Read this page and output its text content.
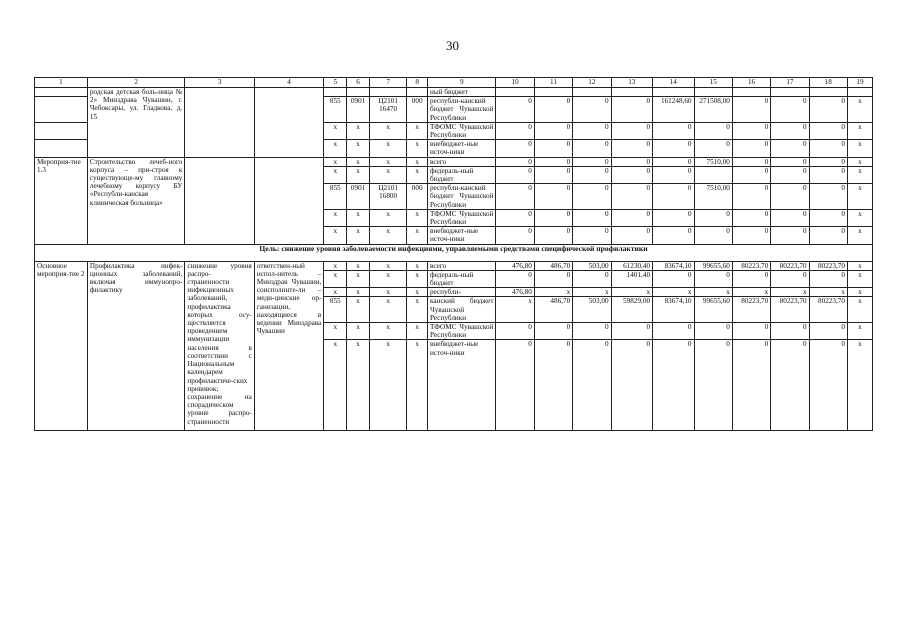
30
1	2	3	4	5	6	7	8	9	10	11	12	13	14	15	16	17	18	19
	родская детская боль-ница № 2» Минздрава Чувашии, г. Чебоксары, ул. Гладкова, д. 15							ный бюджет										
				855	0901	Ц2101 16470	000	республи-канский бюджет Чувашской Республики	0	0	0	0	161248,60	271508,00	0	0	0	x
				x	x	x	x	ТФОМС Чувашской Республики	0	0	0	0	0	0	0	0	0	x
				x	x	x	x	внебюджет-ные источ-ники	0	0	0	0	0	0	0	0	0	x
Мероприя-тие 1.3	Строительство лечеб-ного корпуса – при-строя к существующе-му главному лечебному корпусу БУ «Республи-канская клиническая больница»			x	x	x	x	всего	0	0	0	0	0	7510,00	0	0	0	x
				x	x	x	x	федераль-ный бюджет	0	0	0	0	0		0	0	0	x
				855	0901	Ц2101 16800	000	республи-канский бюджет Чувашской Республики	0	0	0	0	0	7510,00	0	0	0	x
				x	x	x	x	ТФОМС Чувашской Республики	0	0	0	0	0	0	0	0	0	x
				x	x	x	x	внебюджет-ные источ-ники	0	0	0	0	0	0	0	0	0	x
Цель: снижение уровня заболеваемости инфекциями, управляемыми средствами специфической профилактики																		
Основное мероприя-тие 2	Профилактика инфек-ционных заболеваний, включая иммунопро-филактику	снижение уровня распро-страненности инфекционных заболеваний, профилактика которых осу-ществляется проведением иммунизации населения в соответствии с Национальным календарем профилактиче-ских прививок; сохранение на спорадическом уровне распро-страненности	ответствен-ный испол-нитель – Минздрав Чувашии, соисполните-ли – меди-цинские ор-ганизации, находящиеся в ведении Минздрава Чувашии	x	x	x	x	всего	476,80	486,70	503,00	61230,40	83674,10	99655,60	80223,70	80223,70	80223,70	x
				x	x	x	x	федераль-ный бюджет	0	0	0	1401,40	0	0	0	0	0	x
				x	x	x	x	республи-	476,80	x	x	x	x	x	x	x	x	x
				855	x	x	x	канский бюджет Чувашской Республики	x	486,70	503,00	59829,00	83674,10	99655,60	80223,70	80223,70	80223,70	x
				x	x	x	x	ТФОМС Чувашской Республики	0	0	0	0	0	0	0	0	0	x
				x	x	x	x	внебюджет-ные источ-ники	0	0	0	0	0	0	0	0	0	x
